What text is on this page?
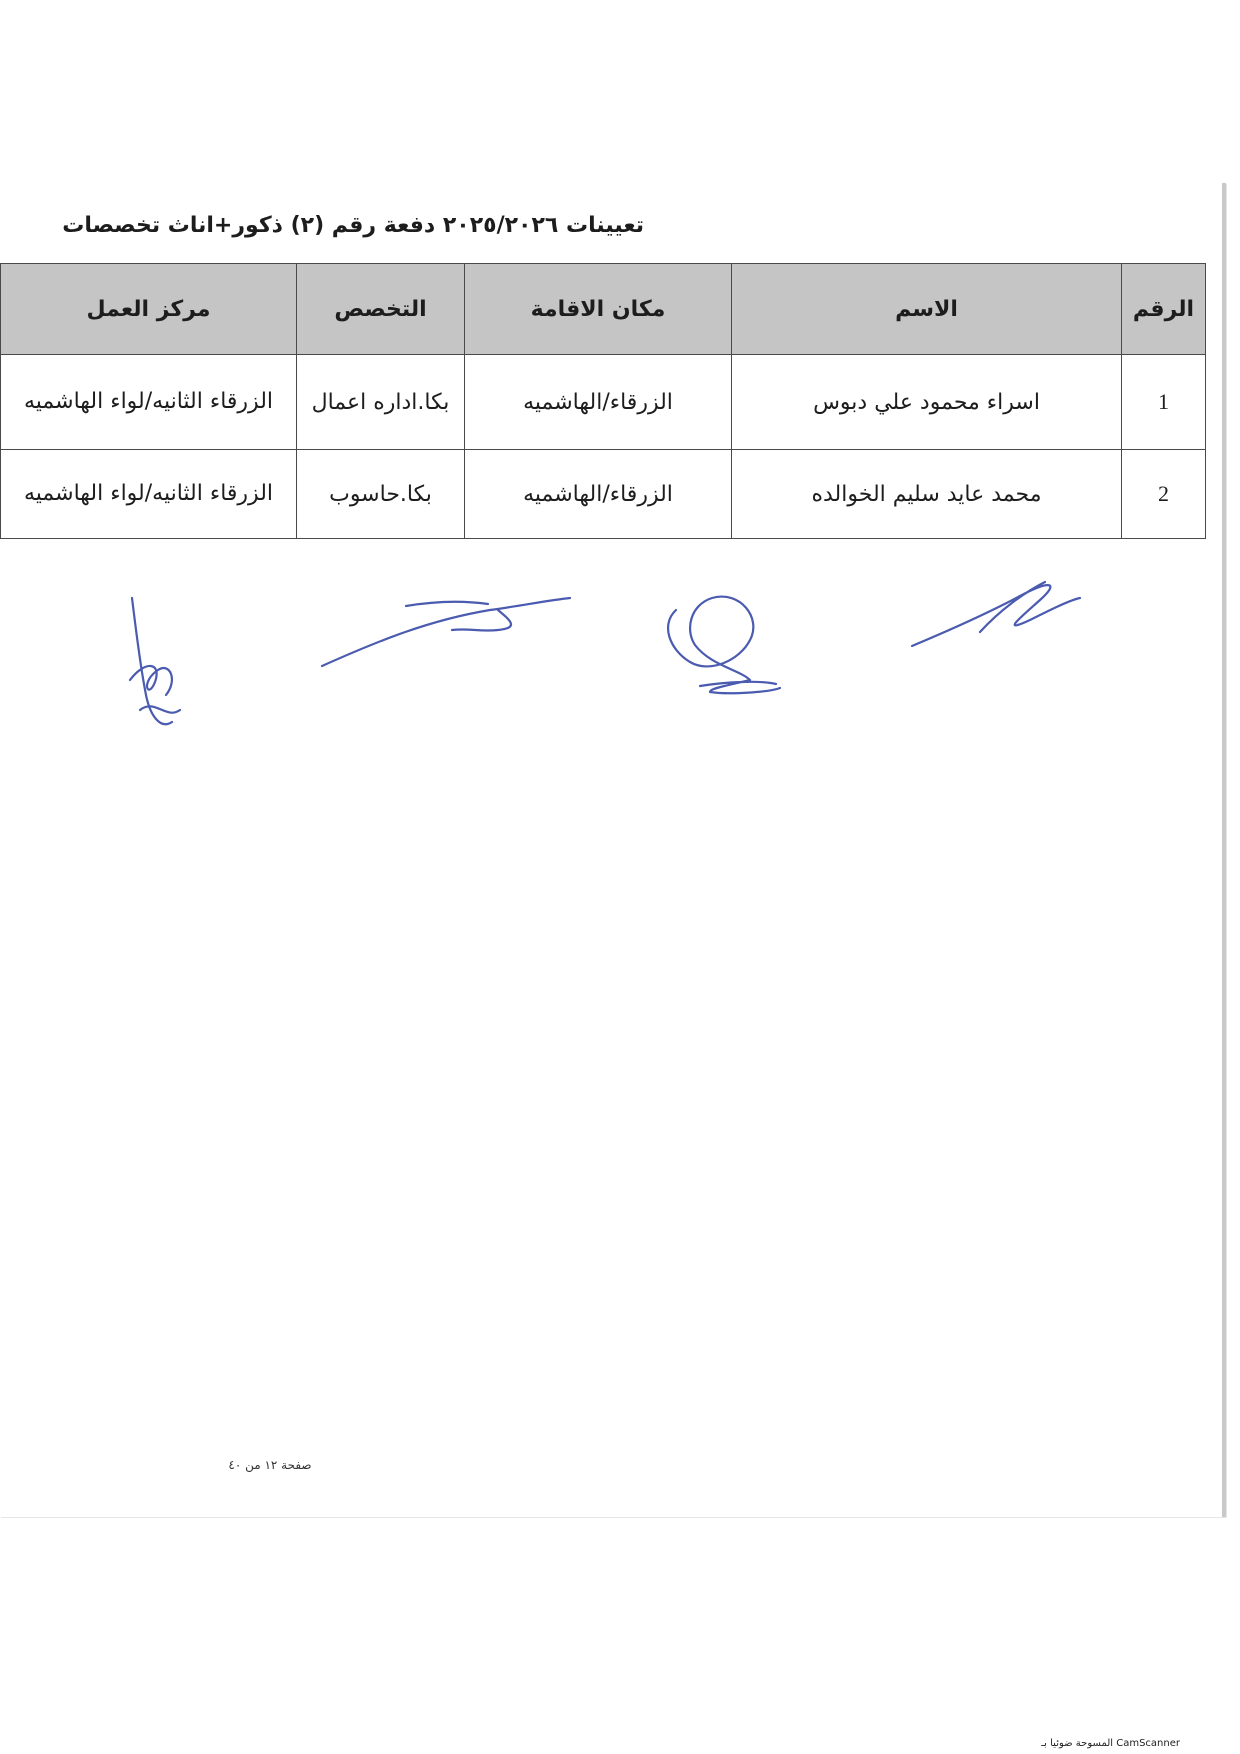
تعيينات ٢٠٢٥/٢٠٢٦ دفعة رقم (٢) ذكور+اناث تخصصات
الرقم	الاسم	مكان الاقامة	التخصص	مركز العمل
1	اسراء محمود علي دبوس	الزرقاء/الهاشميه	بكا.اداره اعمال	الزرقاء الثانيه/لواء الهاشميه
2	محمد عايد سليم الخوالده	الزرقاء/الهاشميه	بكا.حاسوب	الزرقاء الثانيه/لواء الهاشميه
صفحة ١٢ من ٤٠
CamScanner المسوحة ضوئيا بـ
